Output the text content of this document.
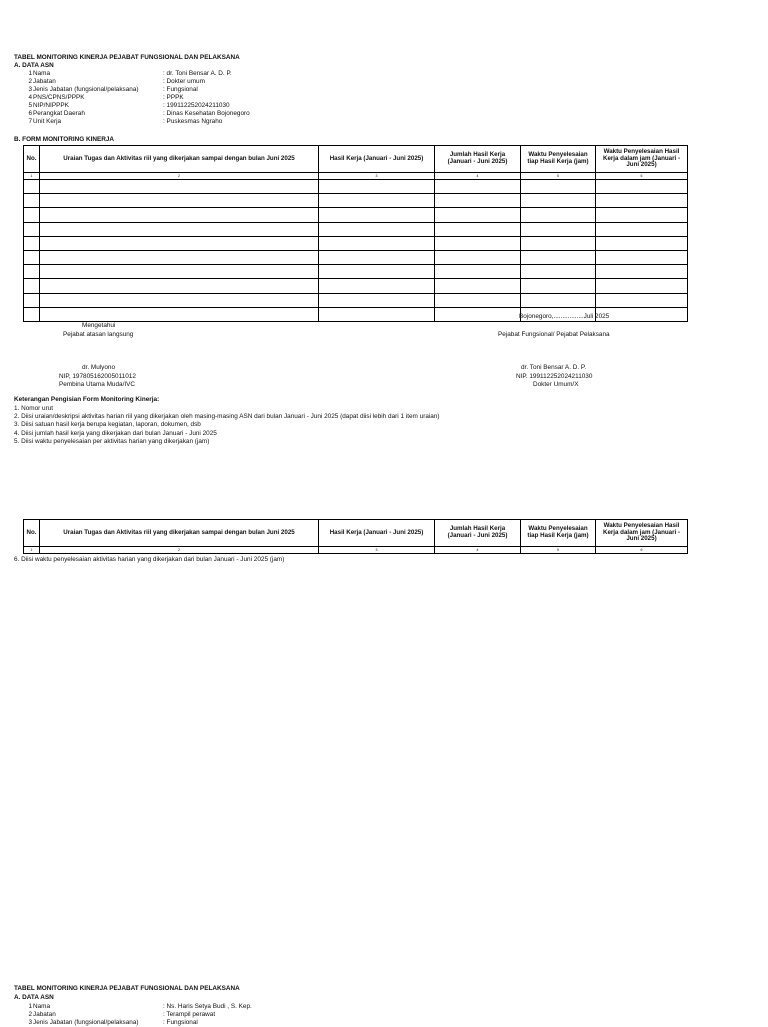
TABEL MONITORING KINERJA PEJABAT FUNGSIONAL DAN PELAKSANA
A. DATA ASN
1 Nama	: dr. Toni Bensar A. D. P.
2 Jabatan	: Dokter umum
3 Jenis Jabatan (fungsional/pelaksana)	: Fungsional
4 PNS/CPNS/PPPK	: PPPK
5 NIP/NIPPPK	: 199112252024211030
6 Perangkat Daerah	: Dinas Kesehatan Bojonegoro
7 Unit Kerja	: Puskesmas Ngraho
B. FORM MONITORING KINERJA
No.	Uraian Tugas dan Aktivitas riil yang dikerjakan sampai dengan bulan Juni 2025	Hasil Kerja (Januari - Juni 2025)	Jumlah Hasil Kerja (Januari - Juni 2025)	Waktu Penyelesaian tiap Hasil Kerja (jam)	Waktu Penyelesaian Hasil Kerja dalam jam (Januari - Juni 2025)
1	2	3	4	5	6

Bojonegoro,.................Juli 2025
Mengetahui
Pejabat atasan langsung	Pejabat Fungsional/ Pejabat Pelaksana
dr. Mulyono
NIP, 197805162005011012
Pembina Utama Muda/IVC
dr. Toni Bensar A. D. P.
NIP. 199112252024211030
Dokter Umum/X
Keterangan Pengisian Form Monitoring Kinerja:
1. Nomor urut
2. Diisi uraian/deskripsi aktivitas harian riil yang dikerjakan oleh masing-masing ASN dari bulan Januari - Juni 2025 (dapat diisi lebih dari 1 item uraian)
3. Diisi satuan hasil kerja berupa kegiatan, laporan, dokumen, dsb
4. Diisi jumlah hasil kerja yang dikerjakan dari bulan Januari - Juni 2025
5. Diisi waktu penyelesaian per aktivitas harian yang dikerjakan (jam)
No.	Uraian Tugas dan Aktivitas riil yang dikerjakan sampai dengan bulan Juni 2025	Hasil Kerja (Januari - Juni 2025)	Jumlah Hasil Kerja (Januari - Juni 2025)	Waktu Penyelesaian tiap Hasil Kerja (jam)	Waktu Penyelesaian Hasil Kerja dalam jam (Januari - Juni 2025)
1	2	3	4	5	6
6. Diisi waktu penyelesaian aktivitas harian yang dikerjakan dari bulan Januari - Juni 2025 (jam)
TABEL MONITORING KINERJA PEJABAT FUNGSIONAL DAN PELAKSANA
A. DATA ASN
1 Nama	: Ns. Haris Setya Budi , S. Kep.
2 Jabatan	: Terampil perawat
3 Jenis Jabatan (fungsional/pelaksana)	: Fungsional
